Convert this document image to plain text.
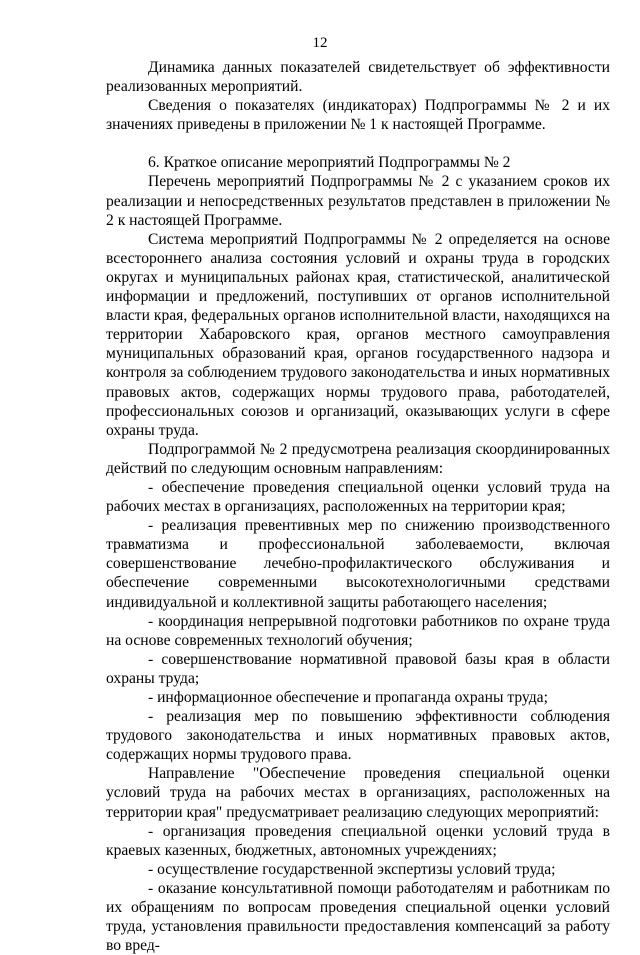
12

Динамика данных показателей свидетельствует об эффективности реализованных мероприятий.

Сведения о показателях (индикаторах) Подпрограммы № 2 и их значениях приведены в приложении № 1 к настоящей Программе.

6. Краткое описание мероприятий Подпрограммы № 2

Перечень мероприятий Подпрограммы № 2 с указанием сроков их реализации и непосредственных результатов представлен в приложении № 2 к настоящей Программе.

Система мероприятий Подпрограммы № 2 определяется на основе всестороннего анализа состояния условий и охраны труда в городских округах и муниципальных районах края, статистической, аналитической информации и предложений, поступивших от органов исполнительной власти края, федеральных органов исполнительной власти, находящихся на территории Хабаровского края, органов местного самоуправления муниципальных образований края, органов государственного надзора и контроля за соблюдением трудового законодательства и иных нормативных правовых актов, содержащих нормы трудового права, работодателей, профессиональных союзов и организаций, оказывающих услуги в сфере охраны труда.

Подпрограммой № 2 предусмотрена реализация скоординированных действий по следующим основным направлениям:

- обеспечение проведения специальной оценки условий труда на рабочих местах в организациях, расположенных на территории края;

- реализация превентивных мер по снижению производственного травматизма и профессиональной заболеваемости, включая совершенствование лечебно-профилактического обслуживания и обеспечение современными высокотехнологичными средствами индивидуальной и коллективной защиты работающего населения;

- координация непрерывной подготовки работников по охране труда на основе современных технологий обучения;

- совершенствование нормативной правовой базы края в области охраны труда;

- информационное обеспечение и пропаганда охраны труда;

- реализация мер по повышению эффективности соблюдения трудового законодательства и иных нормативных правовых актов, содержащих нормы трудового права.

Направление "Обеспечение проведения специальной оценки условий труда на рабочих местах в организациях, расположенных на территории края" предусматривает реализацию следующих мероприятий:

- организация проведения специальной оценки условий труда в краевых казенных, бюджетных, автономных учреждениях;

- осуществление государственной экспертизы условий труда;

- оказание консультативной помощи работодателям и работникам по их обращениям по вопросам проведения специальной оценки условий труда, установления правильности предоставления компенсаций за работу во вред-
